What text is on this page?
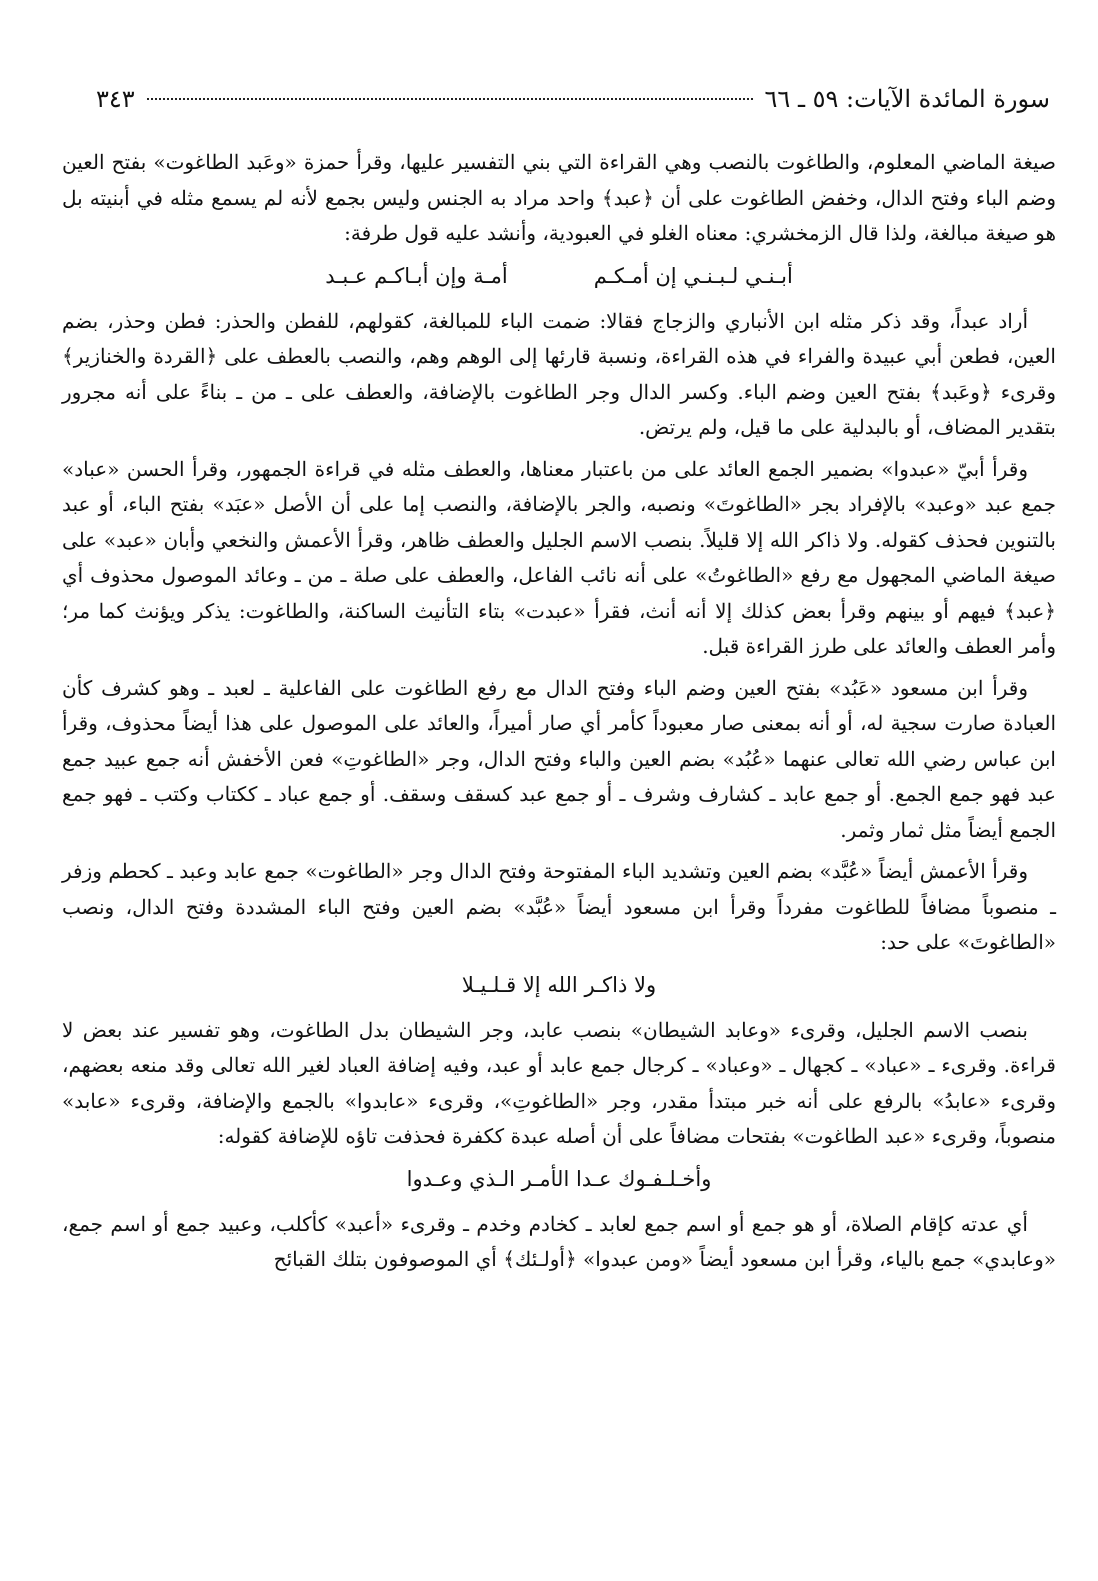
سورة المائدة الآيات: ٥٩ ـ ٦٦
٣٤٣

صيغة الماضي المعلوم، والطاغوت بالنصب وهي القراءة التي بني التفسير عليها، وقرأ حمزة «وعَبد الطاغوت» بفتح العين وضم الباء وفتح الدال، وخفض الطاغوت على أن ﴿عبد﴾ واحد مراد به الجنس وليس بجمع لأنه لم يسمع مثله في أبنيته بل هو صيغة مبالغة، ولذا قال الزمخشري: معناه الغلو في العبودية، وأنشد عليه قول طرفة:

أبـنـي لـبـنـي إن أمـكـم
أمـة وإن أبـاكـم عـبـد

أراد عبداً، وقد ذكر مثله ابن الأنباري والزجاج فقالا: ضمت الباء للمبالغة، كقولهم، للفطن والحذر: فطن وحذر، بضم العين، فطعن أبي عبيدة والفراء في هذه القراءة، ونسبة قارئها إلى الوهم وهم، والنصب بالعطف على ﴿القردة والخنازير﴾ وقرىء ﴿وعَبد﴾ بفتح العين وضم الباء. وكسر الدال وجر الطاغوت بالإضافة، والعطف على ـ من ـ بناءً على أنه مجرور بتقدير المضاف، أو بالبدلية على ما قيل، ولم يرتض.

وقرأ أبيّ «عبدوا» بضمير الجمع العائد على من باعتبار معناها، والعطف مثله في قراءة الجمهور، وقرأ الحسن «عباد» جمع عبد «وعبد» بالإفراد بجر «الطاغوتَ» ونصبه، والجر بالإضافة، والنصب إما على أن الأصل «عبَد» بفتح الباء، أو عبد بالتنوين فحذف كقوله. ولا ذاكر الله إلا قليلاً. بنصب الاسم الجليل والعطف ظاهر، وقرأ الأعمش والنخعي وأبان «عبد» على صيغة الماضي المجهول مع رفع «الطاغوتُ» على أنه نائب الفاعل، والعطف على صلة ـ من ـ وعائد الموصول محذوف أي ﴿عبد﴾ فيهم أو بينهم وقرأ بعض كذلك إلا أنه أنث، فقرأ «عبدت» بتاء التأنيث الساكنة، والطاغوت: يذكر ويؤنث كما مر؛ وأمر العطف والعائد على طرز القراءة قبل.

وقرأ ابن مسعود «عَبُد» بفتح العين وضم الباء وفتح الدال مع رفع الطاغوت على الفاعلية ـ لعبد ـ وهو كشرف كأن العبادة صارت سجية له، أو أنه بمعنى صار معبوداً كأمر أي صار أميراً، والعائد على الموصول على هذا أيضاً محذوف، وقرأ ابن عباس رضي الله تعالى عنهما «عُبُد» بضم العين والباء وفتح الدال، وجر «الطاغوتِ» فعن الأخفش أنه جمع عبيد جمع عبد فهو جمع الجمع. أو جمع عابد ـ كشارف وشرف ـ أو جمع عبد كسقف وسقف. أو جمع عباد ـ ككتاب وكتب ـ فهو جمع الجمع أيضاً مثل ثمار وثمر.

وقرأ الأعمش أيضاً «عُبَّد» بضم العين وتشديد الباء المفتوحة وفتح الدال وجر «الطاغوت» جمع عابد وعبد ـ كحطم وزفر ـ منصوباً مضافاً للطاغوت مفرداً وقرأ ابن مسعود أيضاً «عُبَّد» بضم العين وفتح الباء المشددة وفتح الدال، ونصب «الطاغوتَ» على حد:

ولا ذاكـر الله إلا قـلـيـلا

بنصب الاسم الجليل، وقرىء «وعابد الشيطان» بنصب عابد، وجر الشيطان بدل الطاغوت، وهو تفسير عند بعض لا قراءة. وقرىء ـ «عباد» ـ كجهال ـ «وعباد» ـ كرجال جمع عابد أو عبد، وفيه إضافة العباد لغير الله تعالى وقد منعه بعضهم، وقرىء «عابدُ» بالرفع على أنه خبر مبتدأ مقدر، وجر «الطاغوتِ»، وقرىء «عابدوا» بالجمع والإضافة، وقرىء «عابد» منصوباً، وقرىء «عبد الطاغوت» بفتحات مضافاً على أن أصله عبدة ككفرة فحذفت تاؤه للإضافة كقوله:

وأخـلـفـوك عـدا الأمـر الـذي وعـدوا

أي عدته كإقام الصلاة، أو هو جمع أو اسم جمع لعابد ـ كخادم وخدم ـ وقرىء «أعبد» كأكلب، وعبيد جمع أو اسم جمع، «وعابدي» جمع بالياء، وقرأ ابن مسعود أيضاً «ومن عبدوا» ﴿أولـئك﴾ أي الموصوفون بتلك القبائح
